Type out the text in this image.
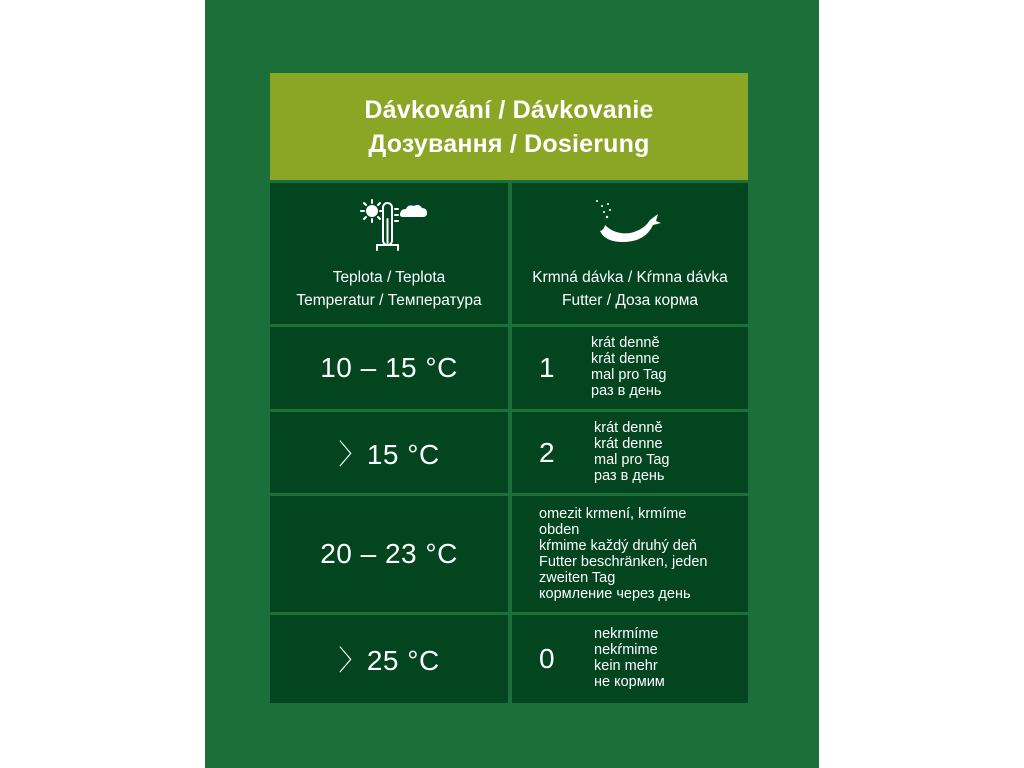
Dávkování / Dávkovanie
Дозування / Dosierung
Teplota / Teplota
Temperatur / Температура
Krmná dávka / Kŕmna dávka
Futter / Доза корма
10 – 15 °C	1
krát denně
krát denne
mal pro Tag
раз в день
〉15 °C	2
krát denně
krát denne
mal pro Tag
раз в день
20 – 23 °C
omezit krmení, krmíme
obden
kŕmime každý druhý deň
Futter beschränken, jeden
zweiten Tag
кормление через день
〉25 °C	0
nekrmíme
nekŕmime
kein mehr
не кормим
